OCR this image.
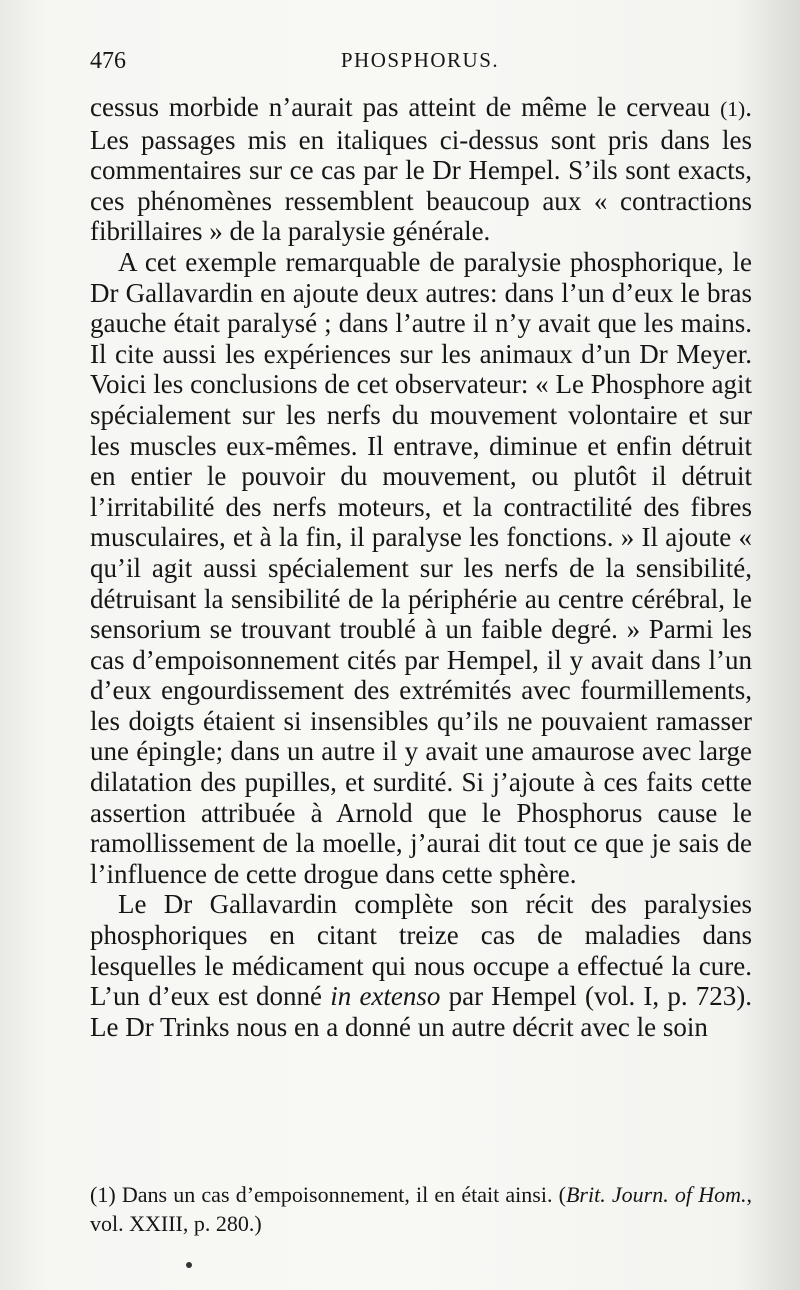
476	PHOSPHORUS.

cessus morbide n’aurait pas atteint de même le cerveau (1). Les passages mis en italiques ci-dessus sont pris dans les commentaires sur ce cas par le Dr Hempel. S’ils sont exacts, ces phénomènes ressemblent beaucoup aux « contractions fibrillaires » de la paralysie générale.

A cet exemple remarquable de paralysie phosphorique, le Dr Gallavardin en ajoute deux autres: dans l’un d’eux le bras gauche était paralysé ; dans l’autre il n’y avait que les mains. Il cite aussi les expériences sur les animaux d’un Dr Meyer. Voici les conclusions de cet observateur: « Le Phosphore agit spécialement sur les nerfs du mouvement volontaire et sur les muscles eux-mêmes. Il entrave, diminue et enfin détruit en entier le pouvoir du mouvement, ou plutôt il détruit l’irritabilité des nerfs moteurs, et la contractilité des fibres musculaires, et à la fin, il paralyse les fonctions. » Il ajoute « qu’il agit aussi spécialement sur les nerfs de la sensibilité, détruisant la sensibilité de la périphérie au centre cérébral, le sensorium se trouvant troublé à un faible degré. » Parmi les cas d’empoisonnement cités par Hempel, il y avait dans l’un d’eux engourdissement des extrémités avec fourmillements, les doigts étaient si insensibles qu’ils ne pouvaient ramasser une épingle; dans un autre il y avait une amaurose avec large dilatation des pupilles, et surdité. Si j’ajoute à ces faits cette assertion attribuée à Arnold que le Phosphorus cause le ramollissement de la moelle, j’aurai dit tout ce que je sais de l’influence de cette drogue dans cette sphère.

Le Dr Gallavardin complète son récit des paralysies phosphoriques en citant treize cas de maladies dans lesquelles le médicament qui nous occupe a effectué la cure. L’un d’eux est donné in extenso par Hempel (vol. I, p. 723). Le Dr Trinks nous en a donné un autre décrit avec le soin

(1) Dans un cas d’empoisonnement, il en était ainsi. (Brit. Journ. of Hom., vol. XXIII, p. 280.)
